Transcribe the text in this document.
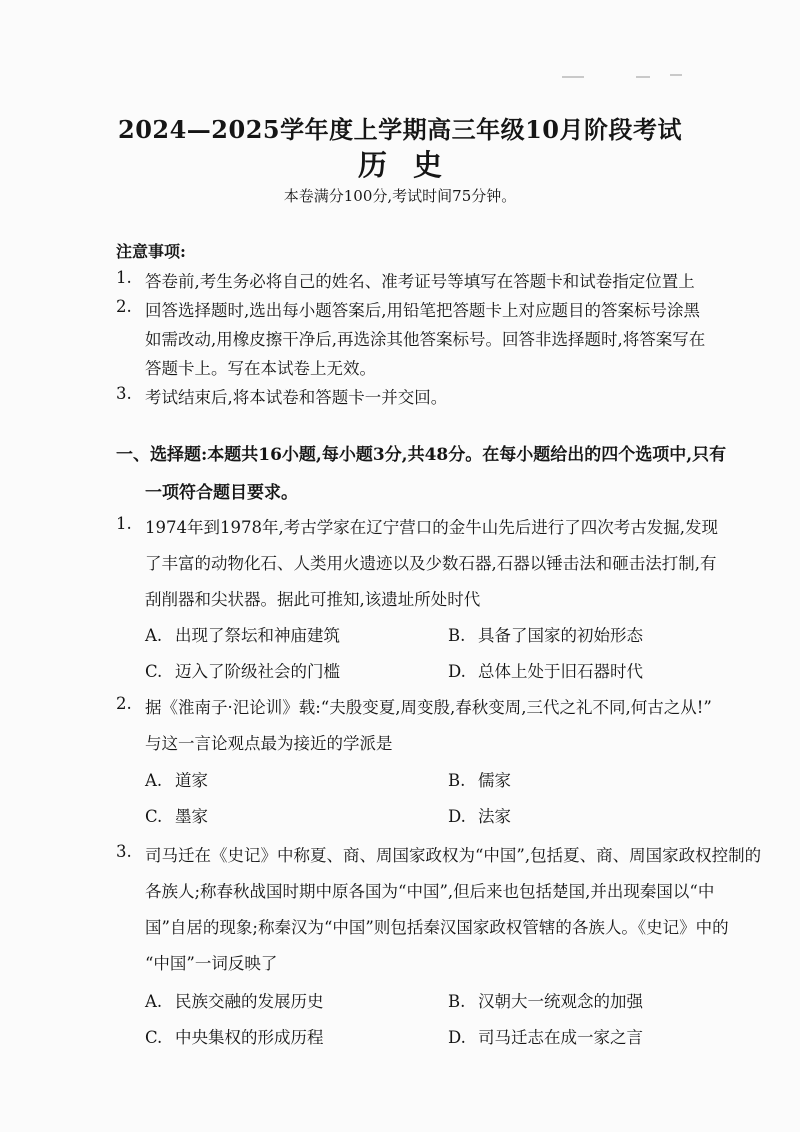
2024—2025学年度上学期高三年级10月阶段考试
历史
本卷满分100分,考试时间75分钟。
注意事项:
1. 答卷前,考生务必将自己的姓名、准考证号等填写在答题卡和试卷指定位置上
2. 回答选择题时,选出每小题答案后,用铅笔把答题卡上对应题目的答案标号涂黑
如需改动,用橡皮擦干净后,再选涂其他答案标号。回答非选择题时,将答案写在
答题卡上。写在本试卷上无效。
3. 考试结束后,将本试卷和答题卡一并交回。
一、选择题:本题共16小题,每小题3分,共48分。在每小题给出的四个选项中,只有
一项符合题目要求。
1. 1974年到1978年,考古学家在辽宁营口的金牛山先后进行了四次考古发掘,发现
了丰富的动物化石、人类用火遗迹以及少数石器,石器以锤击法和砸击法打制,有
刮削器和尖状器。据此可推知,该遗址所处时代
A. 出现了祭坛和神庙建筑	B. 具备了国家的初始形态
C. 迈入了阶级社会的门槛	D. 总体上处于旧石器时代
2. 据《淮南子·汜论训》载:“夫殷变夏,周变殷,春秋变周,三代之礼不同,何古之从!”
与这一言论观点最为接近的学派是
A. 道家	B. 儒家
C. 墨家	D. 法家
3. 司马迁在《史记》中称夏、商、周国家政权为“中国”,包括夏、商、周国家政权控制的
各族人;称春秋战国时期中原各国为“中国”,但后来也包括楚国,并出现秦国以“中
国”自居的现象;称秦汉为“中国”则包括秦汉国家政权管辖的各族人。《史记》中的
“中国”一词反映了
A. 民族交融的发展历史	B. 汉朝大一统观念的加强
C. 中央集权的形成历程	D. 司马迁志在成一家之言
